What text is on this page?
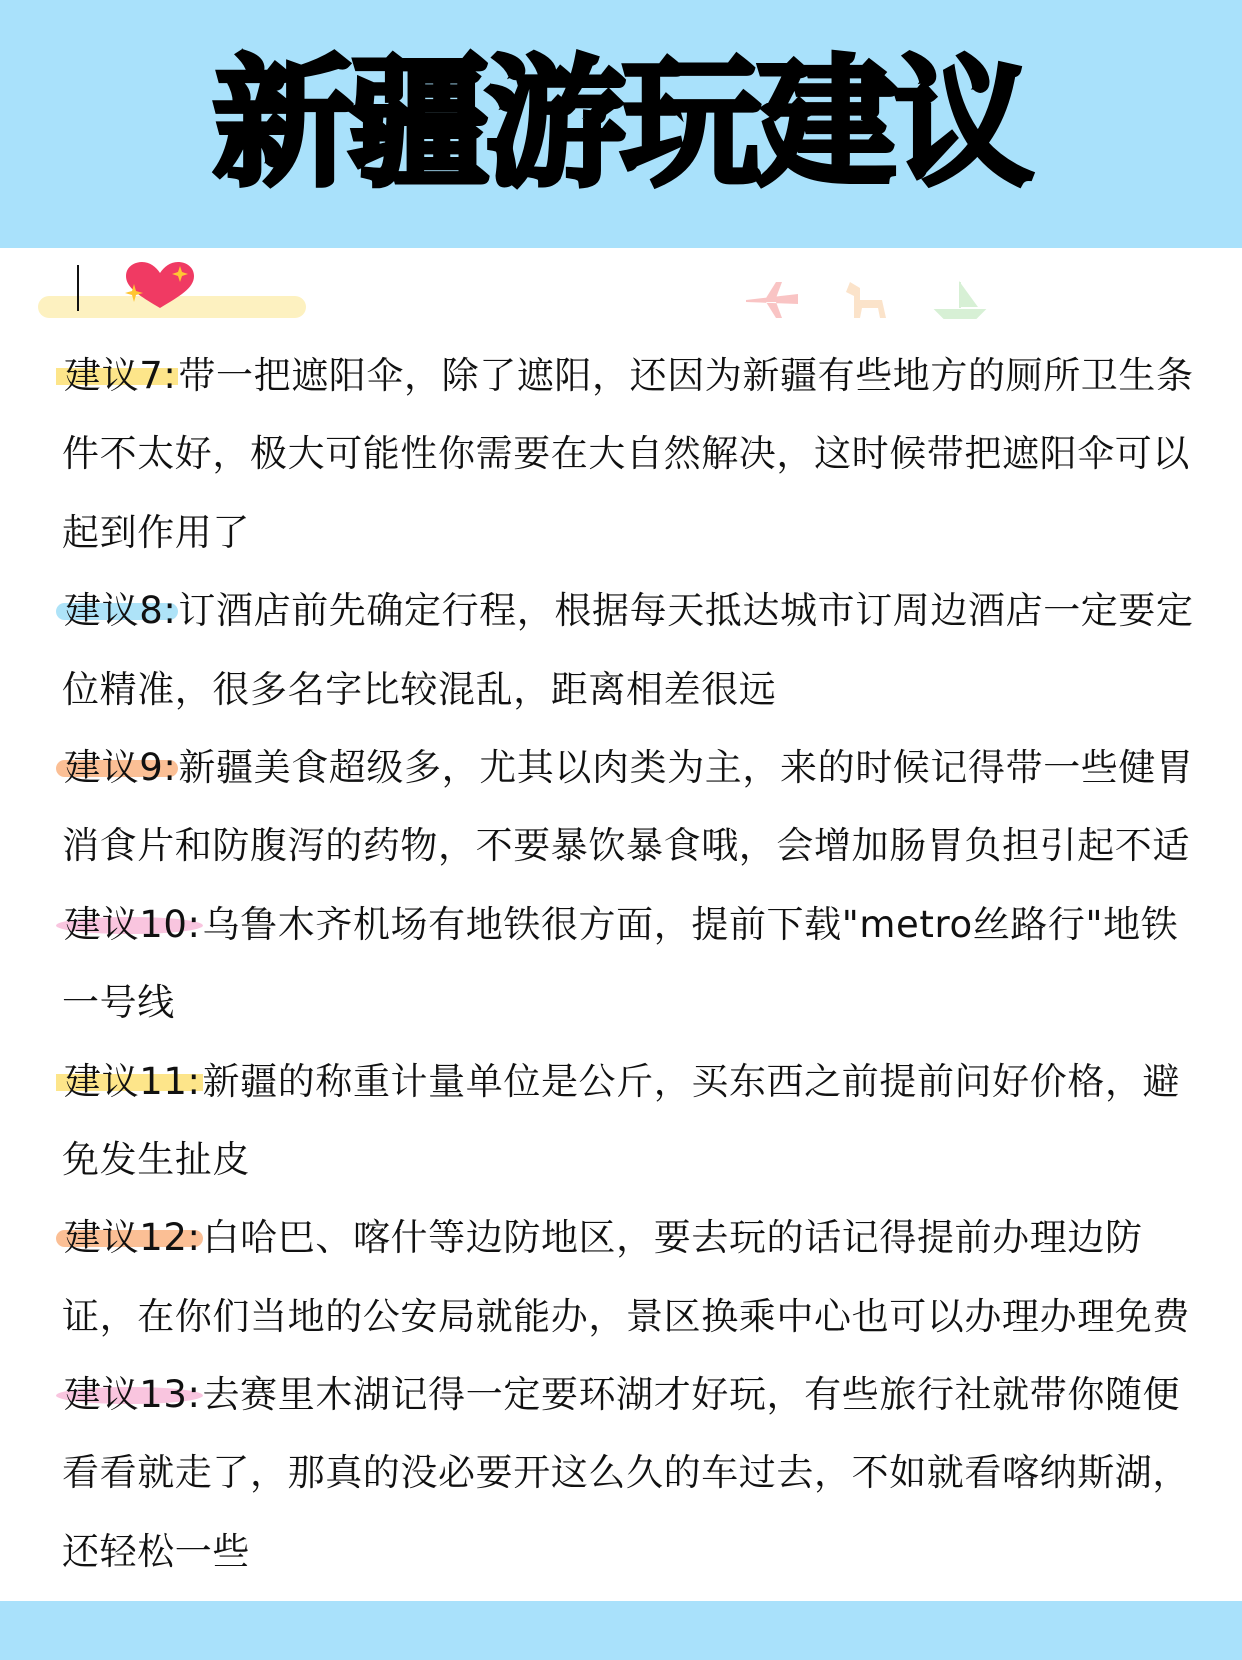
新疆游玩建议
建议7:带一把遮阳伞，除了遮阳，还因为新疆有些地方的厕所卫生条
件不太好，极大可能性你需要在大自然解决，这时候带把遮阳伞可以
起到作用了
建议8:订酒店前先确定行程，根据每天抵达城市订周边酒店一定要定
位精准，很多名字比较混乱，距离相差很远
建议9:新疆美食超级多，尤其以肉类为主，来的时候记得带一些健胃
消食片和防腹泻的药物，不要暴饮暴食哦，会增加肠胃负担引起不适
建议10:乌鲁木齐机场有地铁很方面，提前下载"metro丝路行"地铁
一号线
建议11:新疆的称重计量单位是公斤，买东西之前提前问好价格，避
免发生扯皮
建议12:白哈巴、喀什等边防地区，要去玩的话记得提前办理边防
证，在你们当地的公安局就能办，景区换乘中心也可以办理办理免费
建议13:去赛里木湖记得一定要环湖才好玩，有些旅行社就带你随便
看看就走了，那真的没必要开这么久的车过去，不如就看喀纳斯湖，
还轻松一些
